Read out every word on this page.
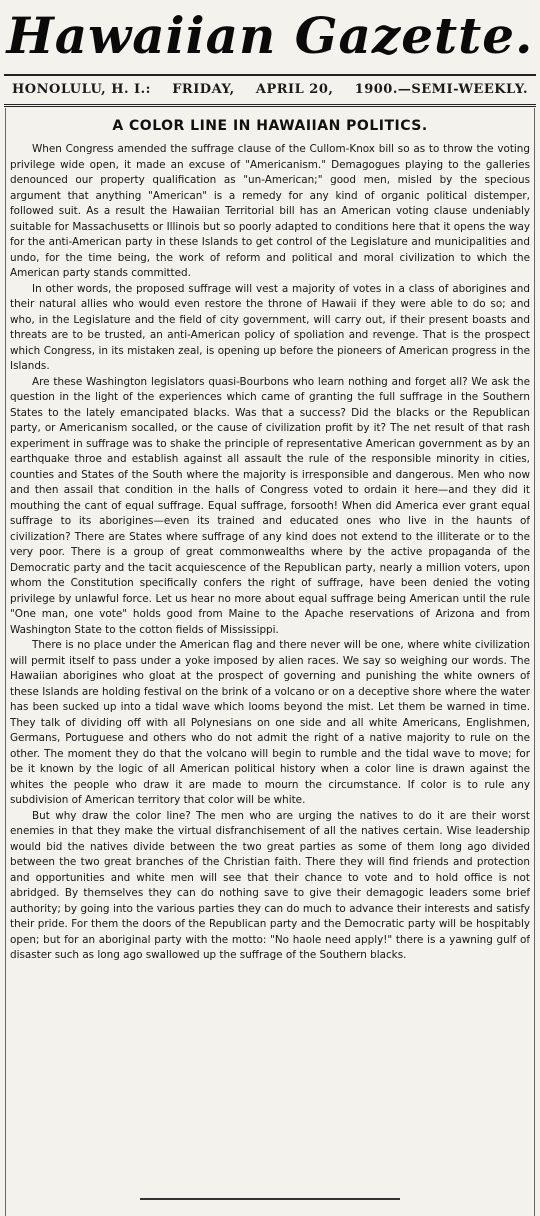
Hawaiian Gazette.
HONOLULU, H. I.: FRIDAY, APRIL 20, 1900.—SEMI-WEEKLY.
A COLOR LINE IN HAWAIIAN POLITICS.

When Congress amended the suffrage clause of the Cullom-Knox bill so as to throw the voting privilege wide open, it made an excuse of "Americanism." Demagogues playing to the galleries denounced our property qualification as "un-American;" good men, misled by the specious argument that anything "American" is a remedy for any kind of organic political distemper, followed suit. As a result the Hawaiian Territorial bill has an American voting clause undeniably suitable for Massachusetts or Illinois but so poorly adapted to conditions here that it opens the way for the anti-American party in these Islands to get control of the Legislature and municipalities and undo, for the time being, the work of reform and political and moral civilization to which the American party stands committed.

In other words, the proposed suffrage will vest a majority of votes in a class of aborigines and their natural allies who would even restore the throne of Hawaii if they were able to do so; and who, in the Legislature and the field of city government, will carry out, if their present boasts and threats are to be trusted, an anti-American policy of spoliation and revenge. That is the prospect which Congress, in its mistaken zeal, is opening up before the pioneers of American progress in the Islands.

Are these Washington legislators quasi-Bourbons who learn nothing and forget all? We ask the question in the light of the experiences which came of granting the full suffrage in the Southern States to the lately emancipated blacks. Was that a success? Did the blacks or the Republican party, or Americanism socalled, or the cause of civilization profit by it? The net result of that rash experiment in suffrage was to shake the principle of representative American government as by an earthquake throe and establish against all assault the rule of the responsible minority in cities, counties and States of the South where the majority is irresponsible and dangerous. Men who now and then assail that condition in the halls of Congress voted to ordain it here—and they did it mouthing the cant of equal suffrage. Equal suffrage, forsooth! When did America ever grant equal suffrage to its aborigines—even its trained and educated ones who live in the haunts of civilization? There are States where suffrage of any kind does not extend to the illiterate or to the very poor. There is a group of great commonwealths where by the active propaganda of the Democratic party and the tacit acquiescence of the Republican party, nearly a million voters, upon whom the Constitution specifically confers the right of suffrage, have been denied the voting privilege by unlawful force. Let us hear no more about equal suffrage being American until the rule "One man, one vote" holds good from Maine to the Apache reservations of Arizona and from Washington State to the cotton fields of Mississippi.

There is no place under the American flag and there never will be one, where white civilization will permit itself to pass under a yoke imposed by alien races. We say so weighing our words. The Hawaiian aborigines who gloat at the prospect of governing and punishing the white owners of these Islands are holding festival on the brink of a volcano or on a deceptive shore where the water has been sucked up into a tidal wave which looms beyond the mist. Let them be warned in time. They talk of dividing off with all Polynesians on one side and all white Americans, Englishmen, Germans, Portuguese and others who do not admit the right of a native majority to rule on the other. The moment they do that the volcano will begin to rumble and the tidal wave to move; for be it known by the logic of all American political history when a color line is drawn against the whites the people who draw it are made to mourn the circumstance. If color is to rule any subdivision of American territory that color will be white.

But why draw the color line? The men who are urging the natives to do it are their worst enemies in that they make the virtual disfranchisement of all the natives certain. Wise leadership would bid the natives divide between the two great parties as some of them long ago divided between the two great branches of the Christian faith. There they will find friends and protection and opportunities and white men will see that their chance to vote and to hold office is not abridged. By themselves they can do nothing save to give their demagogic leaders some brief authority; by going into the various parties they can do much to advance their interests and satisfy their pride. For them the doors of the Republican party and the Democratic party will be hospitably open; but for an aboriginal party with the motto: "No haole need apply!" there is a yawning gulf of disaster such as long ago swallowed up the suffrage of the Southern blacks.
